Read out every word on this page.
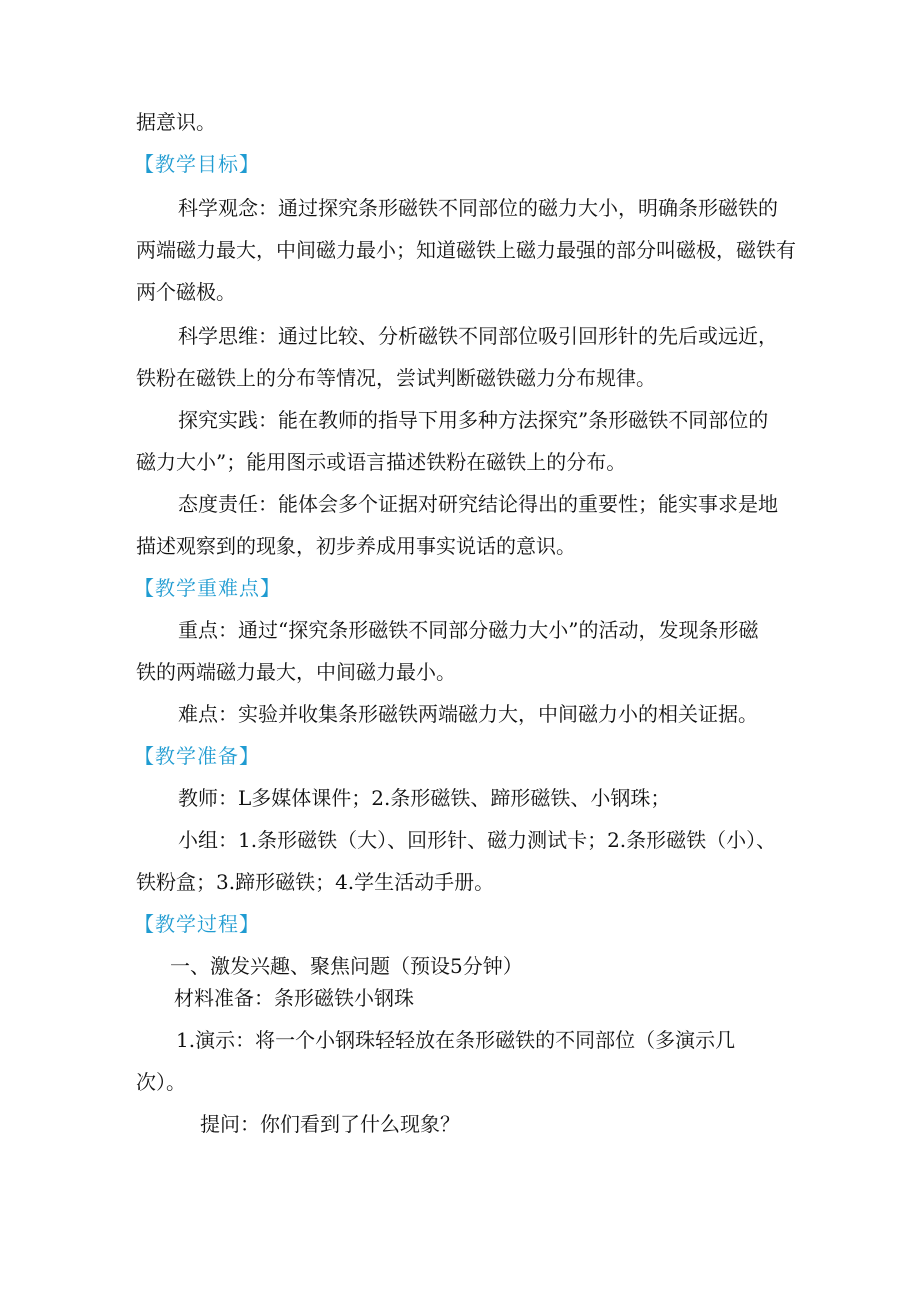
据意识。
【教学目标】
科学观念：通过探究条形磁铁不同部位的磁力大小，明确条形磁铁的
两端磁力最大，中间磁力最小；知道磁铁上磁力最强的部分叫磁极，磁铁有
两个磁极。
科学思维：通过比较、分析磁铁不同部位吸引回形针的先后或远近，
铁粉在磁铁上的分布等情况，尝试判断磁铁磁力分布规律。
探究实践：能在教师的指导下用多种方法探究”条形磁铁不同部位的
磁力大小”；能用图示或语言描述铁粉在磁铁上的分布。
态度责任：能体会多个证据对研究结论得出的重要性；能实事求是地
描述观察到的现象，初步养成用事实说话的意识。
【教学重难点】
重点：通过“探究条形磁铁不同部分磁力大小”的活动，发现条形磁
铁的两端磁力最大，中间磁力最小。
难点：实验并收集条形磁铁两端磁力大，中间磁力小的相关证据。
【教学准备】
教师：L多媒体课件；2.条形磁铁、蹄形磁铁、小钢珠；
小组：1.条形磁铁（大）、回形针、磁力测试卡；2.条形磁铁（小）、
铁粉盒；3.蹄形磁铁；4.学生活动手册。
【教学过程】
一、激发兴趣、聚焦问题（预设5分钟）
材料准备：条形磁铁小钢珠
1.演示：将一个小钢珠轻轻放在条形磁铁的不同部位（多演示几
次）。
提问：你们看到了什么现象？
